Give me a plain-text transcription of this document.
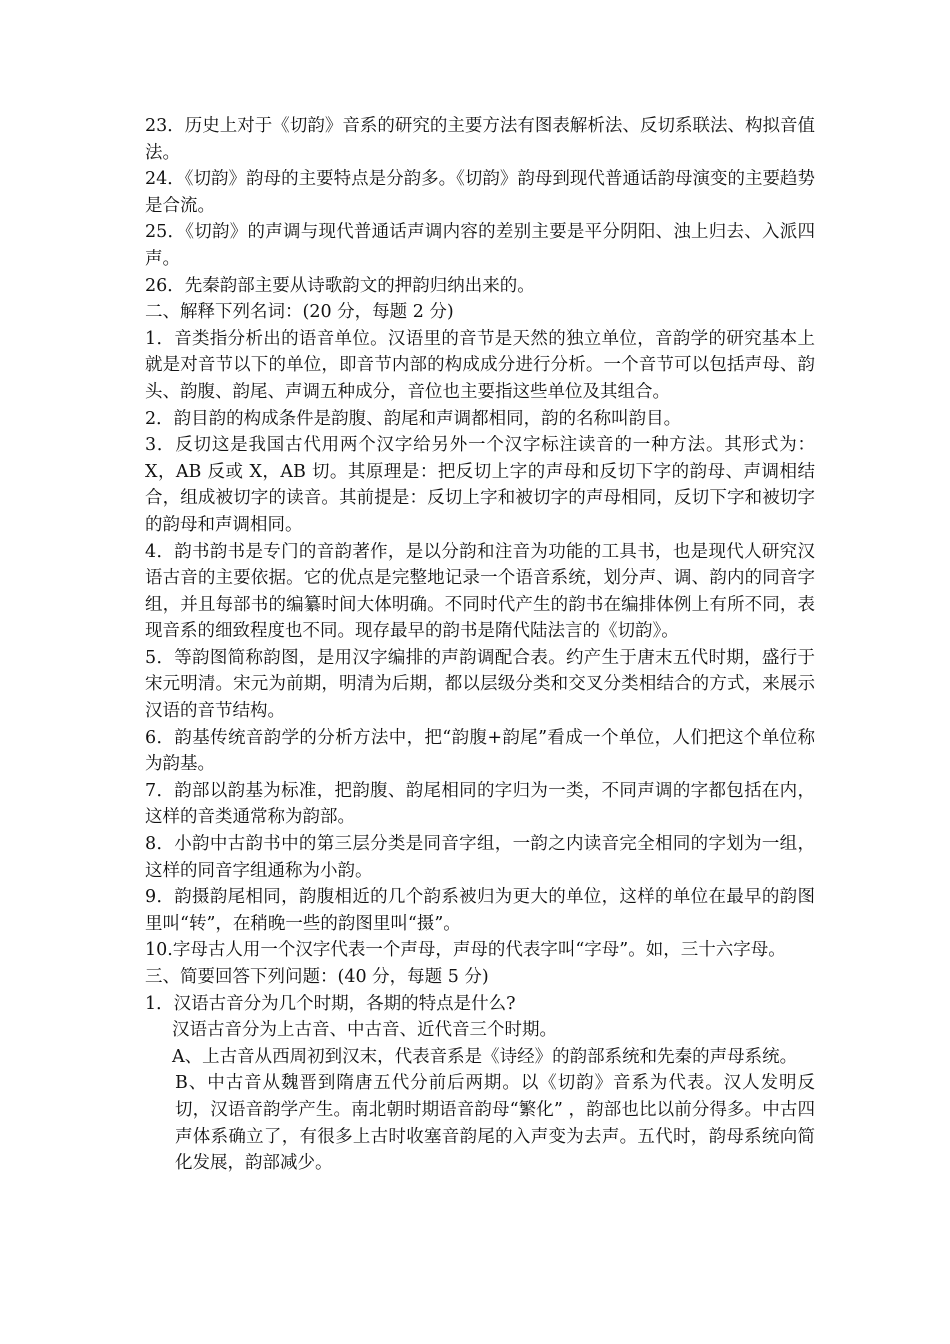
23．历史上对于《切韵》音系的研究的主要方法有图表解析法、反切系联法、构拟音值法。

24．《切韵》韵母的主要特点是分韵多。《切韵》韵母到现代普通话韵母演变的主要趋势是合流。

25．《切韵》的声调与现代普通话声调内容的差别主要是平分阴阳、浊上归去、入派四声。

26．先秦韵部主要从诗歌韵文的押韵归纳出来的。

二、解释下列名词：(20 分，每题 2 分)

1．音类指分析出的语音单位。汉语里的音节是天然的独立单位，音韵学的研究基本上就是对音节以下的单位，即音节内部的构成成分进行分析。一个音节可以包括声母、韵头、韵腹、韵尾、声调五种成分，音位也主要指这些单位及其组合。

2．韵目韵的构成条件是韵腹、韵尾和声调都相同，韵的名称叫韵目。

3．反切这是我国古代用两个汉字给另外一个汉字标注读音的一种方法。其形式为：X，AB 反或 X，AB 切。其原理是：把反切上字的声母和反切下字的韵母、声调相结合，组成被切字的读音。其前提是：反切上字和被切字的声母相同，反切下字和被切字的韵母和声调相同。

4．韵书韵书是专门的音韵著作，是以分韵和注音为功能的工具书，也是现代人研究汉语古音的主要依据。它的优点是完整地记录一个语音系统，划分声、调、韵内的同音字组，并且每部书的编纂时间大体明确。不同时代产生的韵书在编排体例上有所不同，表现音系的细致程度也不同。现存最早的韵书是隋代陆法言的《切韵》。

5．等韵图简称韵图，是用汉字编排的声韵调配合表。约产生于唐末五代时期，盛行于宋元明清。宋元为前期，明清为后期，都以层级分类和交叉分类相结合的方式，来展示汉语的音节结构。

6．韵基传统音韵学的分析方法中，把“韵腹+韵尾”看成一个单位，人们把这个单位称为韵基。

7．韵部以韵基为标准，把韵腹、韵尾相同的字归为一类，不同声调的字都包括在内，这样的音类通常称为韵部。

8．小韵中古韵书中的第三层分类是同音字组，一韵之内读音完全相同的字划为一组，这样的同音字组通称为小韵。

9．韵摄韵尾相同，韵腹相近的几个韵系被归为更大的单位，这样的单位在最早的韵图里叫“转”，在稍晚一些的韵图里叫“摄”。

10.字母古人用一个汉字代表一个声母，声母的代表字叫“字母”。如，三十六字母。

三、简要回答下列问题：(40 分，每题 5 分)

1．汉语古音分为几个时期，各期的特点是什么?

汉语古音分为上古音、中古音、近代音三个时期。

A、上古音从西周初到汉末，代表音系是《诗经》的韵部系统和先秦的声母系统。

B、中古音从魏晋到隋唐五代分前后两期。以《切韵》音系为代表。汉人发明反切，汉语音韵学产生。南北朝时期语音韵母“繁化” ，韵部也比以前分得多。中古四声体系确立了，有很多上古时收塞音韵尾的入声变为去声。五代时，韵母系统向简化发展，韵部减少。
